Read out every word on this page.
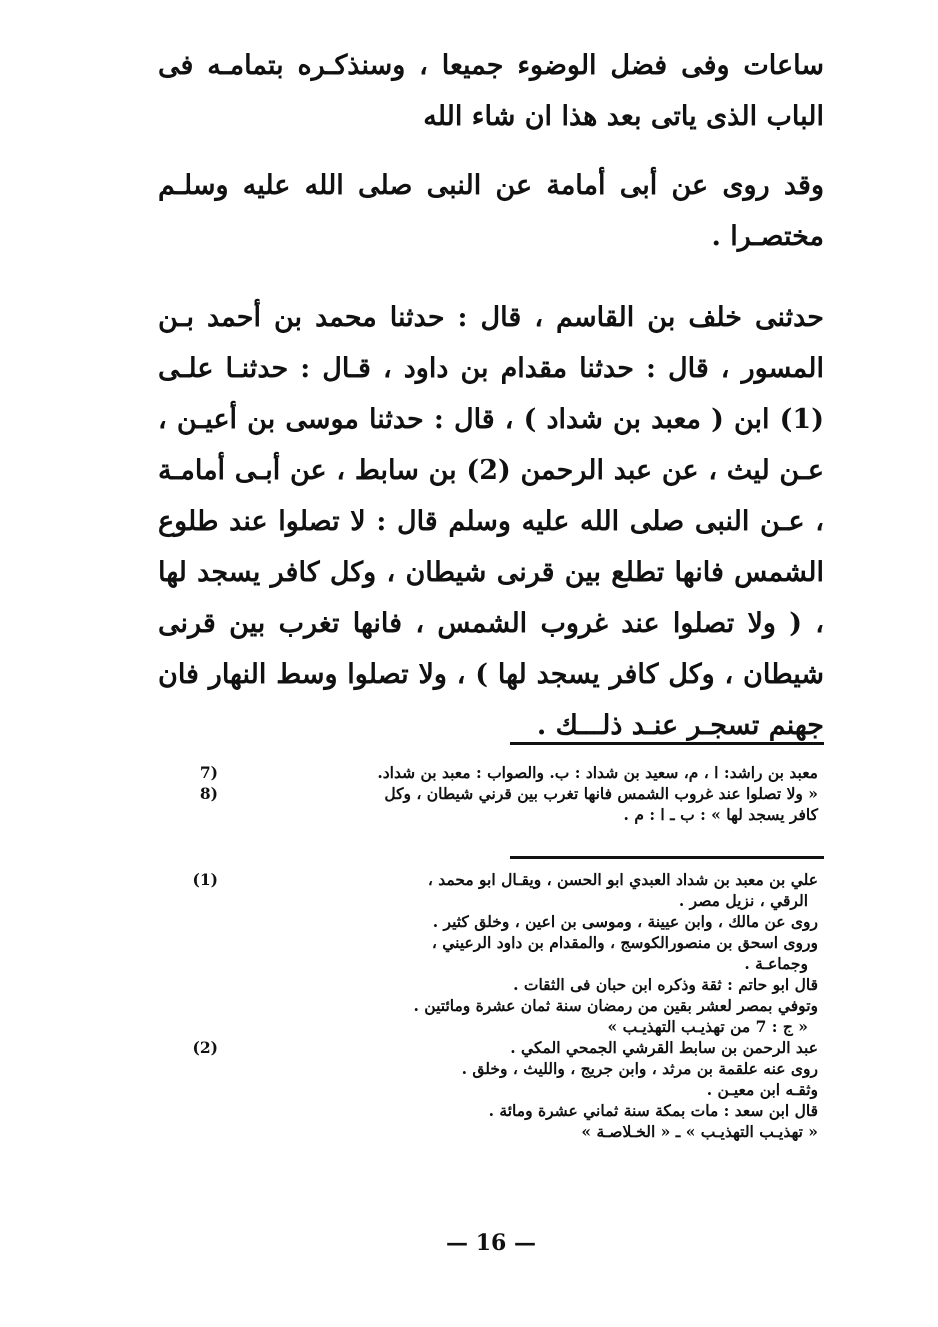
ساعات وفى فضل الوضوء جميعا ، وسنذكـره بتمامـه فى الباب الذى ياتى بعد هذا ان شاء الله

وقد روى عن أبى أمامة عن النبى صلى الله عليه وسلـم مختصـرا .

حدثنى خلف بن القاسم ، قال : حدثنا محمد بن أحمد بـن المسور ، قال : حدثنا مقدام بن داود ، قـال : حدثنـا علـى (1) ابن ( معبد بن شداد ) ، قال : حدثنا موسى بن أعيـن ، عـن ليث ، عن عبد الرحمن (2) بن سابط ، عن أبـى أمامـة ، عـن النبى صلى الله عليه وسلم قال : لا تصلوا عند طلوع الشمس فانها تطلع بين قرنى شيطان ، وكل كافر يسجد لها ، ( ولا تصلوا عند غروب الشمس ، فانها تغرب بين قرنى شيطان ، وكل كافر يسجد لها ) ، ولا تصلوا وسط النهار فان جهنم تسجـر عنـد ذلـــك .

معبد بن راشد: ا ، م، سعيد بن شداد : ب. والصواب : معبد بن شداد.
7)
« ولا تصلوا عند غروب الشمس فانها تغرب بين قرني شيطان ، وكل
كافر يسجد لها » : ب ـ ا : م .
8)
علي بن معبد بن شداد العبدي ابو الحسن ، ويقـال ابو محمد ،
الرقي ، نزيل مصر .
روى عن مالك ، وابن عيينة ، وموسى بن اعين ، وخلق كثير .
وروى اسحق بن منصورالكوسج ، والمقدام بن داود الرعيني ،
وجماعـة .
قال ابو حاتم : ثقة وذكره ابن حبان فى الثقات .
وتوفي بمصر لعشر بقين من رمضان سنة ثمان عشرة ومائتين .
« ج : 7 من تهذيـب التهذيـب »
(1)
عبد الرحمن بن سابط القرشي الجمحي المكي .
روى عنه علقمة بن مرثد ، وابن جريج ، والليث ، وخلق .
وثقـه ابن معيـن .
قال ابن سعد : مات بمكة سنة ثماني عشرة ومائة .
« تهذيـب التهذيـب » ـ « الخـلاصـة »
(2)
— 16 —
